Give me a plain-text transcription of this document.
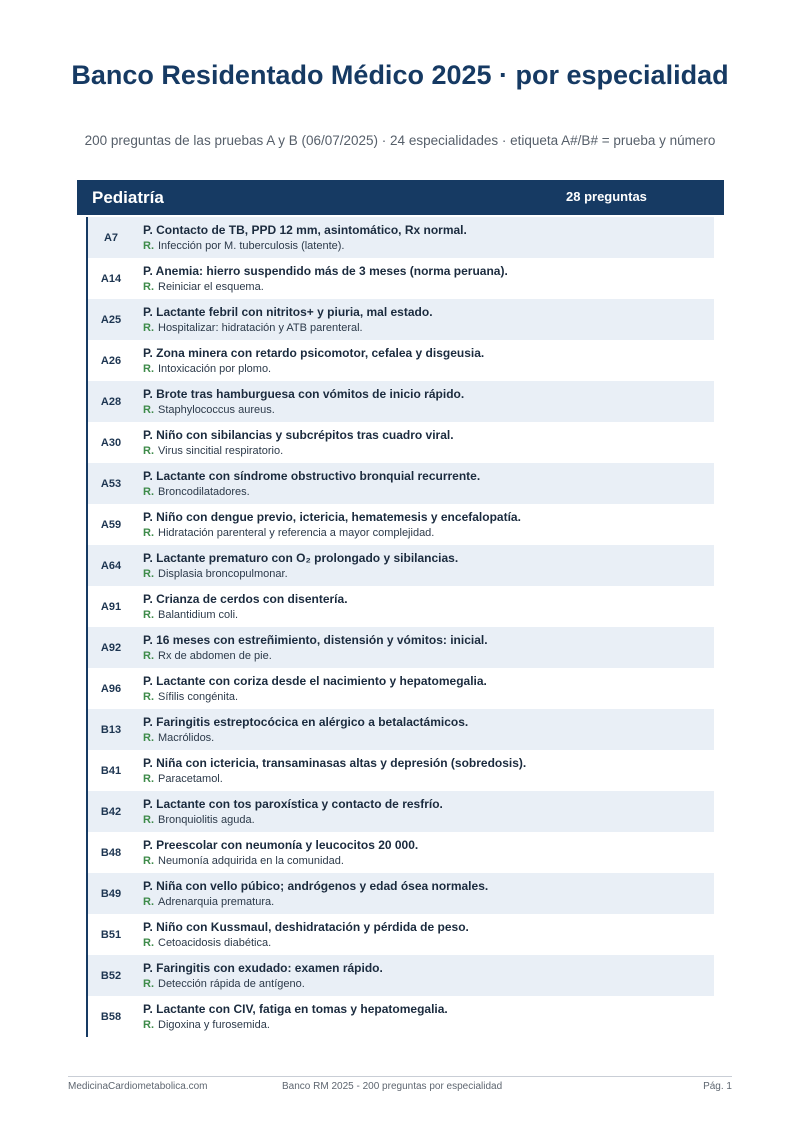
Banco Residentado Médico 2025 · por especialidad

200 preguntas de las pruebas A y B (06/07/2025) · 24 especialidades · etiqueta A#/B# = prueba y número

Pediatría	28 preguntas
A7
P. Contacto de TB, PPD 12 mm, asintomático, Rx normal.
R. Infección por M. tuberculosis (latente).
A14
P. Anemia: hierro suspendido más de 3 meses (norma peruana).
R. Reiniciar el esquema.
A25
P. Lactante febril con nitritos+ y piuria, mal estado.
R. Hospitalizar: hidratación y ATB parenteral.
A26
P. Zona minera con retardo psicomotor, cefalea y disgeusia.
R. Intoxicación por plomo.
A28
P. Brote tras hamburguesa con vómitos de inicio rápido.
R. Staphylococcus aureus.
A30
P. Niño con sibilancias y subcrépitos tras cuadro viral.
R. Virus sincitial respiratorio.
A53
P. Lactante con síndrome obstructivo bronquial recurrente.
R. Broncodilatadores.
A59
P. Niño con dengue previo, ictericia, hematemesis y encefalopatía.
R. Hidratación parenteral y referencia a mayor complejidad.
A64
P. Lactante prematuro con O₂ prolongado y sibilancias.
R. Displasia broncopulmonar.
A91
P. Crianza de cerdos con disentería.
R. Balantidium coli.
A92
P. 16 meses con estreñimiento, distensión y vómitos: inicial.
R. Rx de abdomen de pie.
A96
P. Lactante con coriza desde el nacimiento y hepatomegalia.
R. Sífilis congénita.
B13
P. Faringitis estreptocócica en alérgico a betalactámicos.
R. Macrólidos.
B41
P. Niña con ictericia, transaminasas altas y depresión (sobredosis).
R. Paracetamol.
B42
P. Lactante con tos paroxística y contacto de resfrío.
R. Bronquiolitis aguda.
B48
P. Preescolar con neumonía y leucocitos 20 000.
R. Neumonía adquirida en la comunidad.
B49
P. Niña con vello púbico; andrógenos y edad ósea normales.
R. Adrenarquia prematura.
B51
P. Niño con Kussmaul, deshidratación y pérdida de peso.
R. Cetoacidosis diabética.
B52
P. Faringitis con exudado: examen rápido.
R. Detección rápida de antígeno.
B58
P. Lactante con CIV, fatiga en tomas y hepatomegalia.
R. Digoxina y furosemida.
MedicinaCardiometabolica.com	Banco RM 2025 - 200 preguntas por especialidad	Pág. 1
